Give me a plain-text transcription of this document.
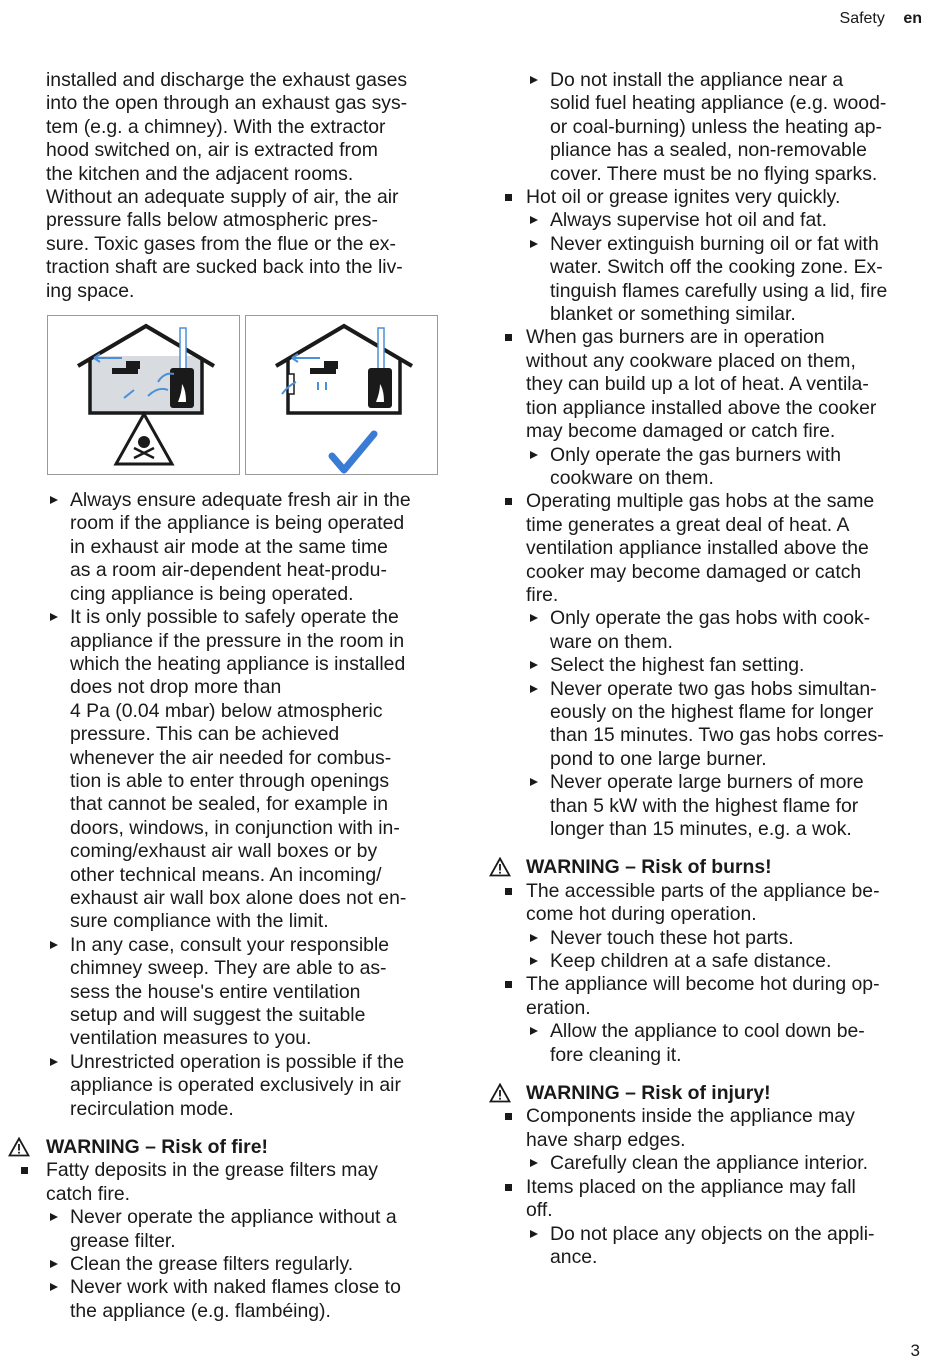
Safety en
installed and discharge the exhaust gases
into the open through an exhaust gas sys-
tem (e.g. a chimney). With the extractor
hood switched on, air is extracted from
the kitchen and the adjacent rooms.
Without an adequate supply of air, the air
pressure falls below atmospheric pres-
sure. Toxic gases from the flue or the ex-
traction shaft are sucked back into the liv-
ing space.
Always ensure adequate fresh air in the
room if the appliance is being operated
in exhaust air mode at the same time
as a room air-dependent heat-produ-
cing appliance is being operated.
It is only possible to safely operate the
appliance if the pressure in the room in
which the heating appliance is installed
does not drop more than
4 Pa (0.04 mbar) below atmospheric
pressure. This can be achieved
whenever the air needed for combus-
tion is able to enter through openings
that cannot be sealed, for example in
doors, windows, in conjunction with in-
coming/exhaust air wall boxes or by
other technical means. An incoming/
exhaust air wall box alone does not en-
sure compliance with the limit.
In any case, consult your responsible
chimney sweep. They are able to as-
sess the house's entire ventilation
setup and will suggest the suitable
ventilation measures to you.
Unrestricted operation is possible if the
appliance is operated exclusively in air
recirculation mode.
WARNING – Risk of fire!
Fatty deposits in the grease filters may
catch fire.
Never operate the appliance without a
grease filter.
Clean the grease filters regularly.
Never work with naked flames close to
the appliance (e.g. flambéing).
Do not install the appliance near a
solid fuel heating appliance (e.g. wood-
or coal-burning) unless the heating ap-
pliance has a sealed, non-removable
cover. There must be no flying sparks.
Hot oil or grease ignites very quickly.
Always supervise hot oil and fat.
Never extinguish burning oil or fat with
water. Switch off the cooking zone. Ex-
tinguish flames carefully using a lid, fire
blanket or something similar.
When gas burners are in operation
without any cookware placed on them,
they can build up a lot of heat. A ventila-
tion appliance installed above the cooker
may become damaged or catch fire.
Only operate the gas burners with
cookware on them.
Operating multiple gas hobs at the same
time generates a great deal of heat. A
ventilation appliance installed above the
cooker may become damaged or catch
fire.
Only operate the gas hobs with cook-
ware on them.
Select the highest fan setting.
Never operate two gas hobs simultan-
eously on the highest flame for longer
than 15 minutes. Two gas hobs corres-
pond to one large burner.
Never operate large burners of more
than 5 kW with the highest flame for
longer than 15 minutes, e.g. a wok.
WARNING – Risk of burns!
The accessible parts of the appliance be-
come hot during operation.
Never touch these hot parts.
Keep children at a safe distance.
The appliance will become hot during op-
eration.
Allow the appliance to cool down be-
fore cleaning it.
WARNING – Risk of injury!
Components inside the appliance may
have sharp edges.
Carefully clean the appliance interior.
Items placed on the appliance may fall
off.
Do not place any objects on the appli-
ance.
3
